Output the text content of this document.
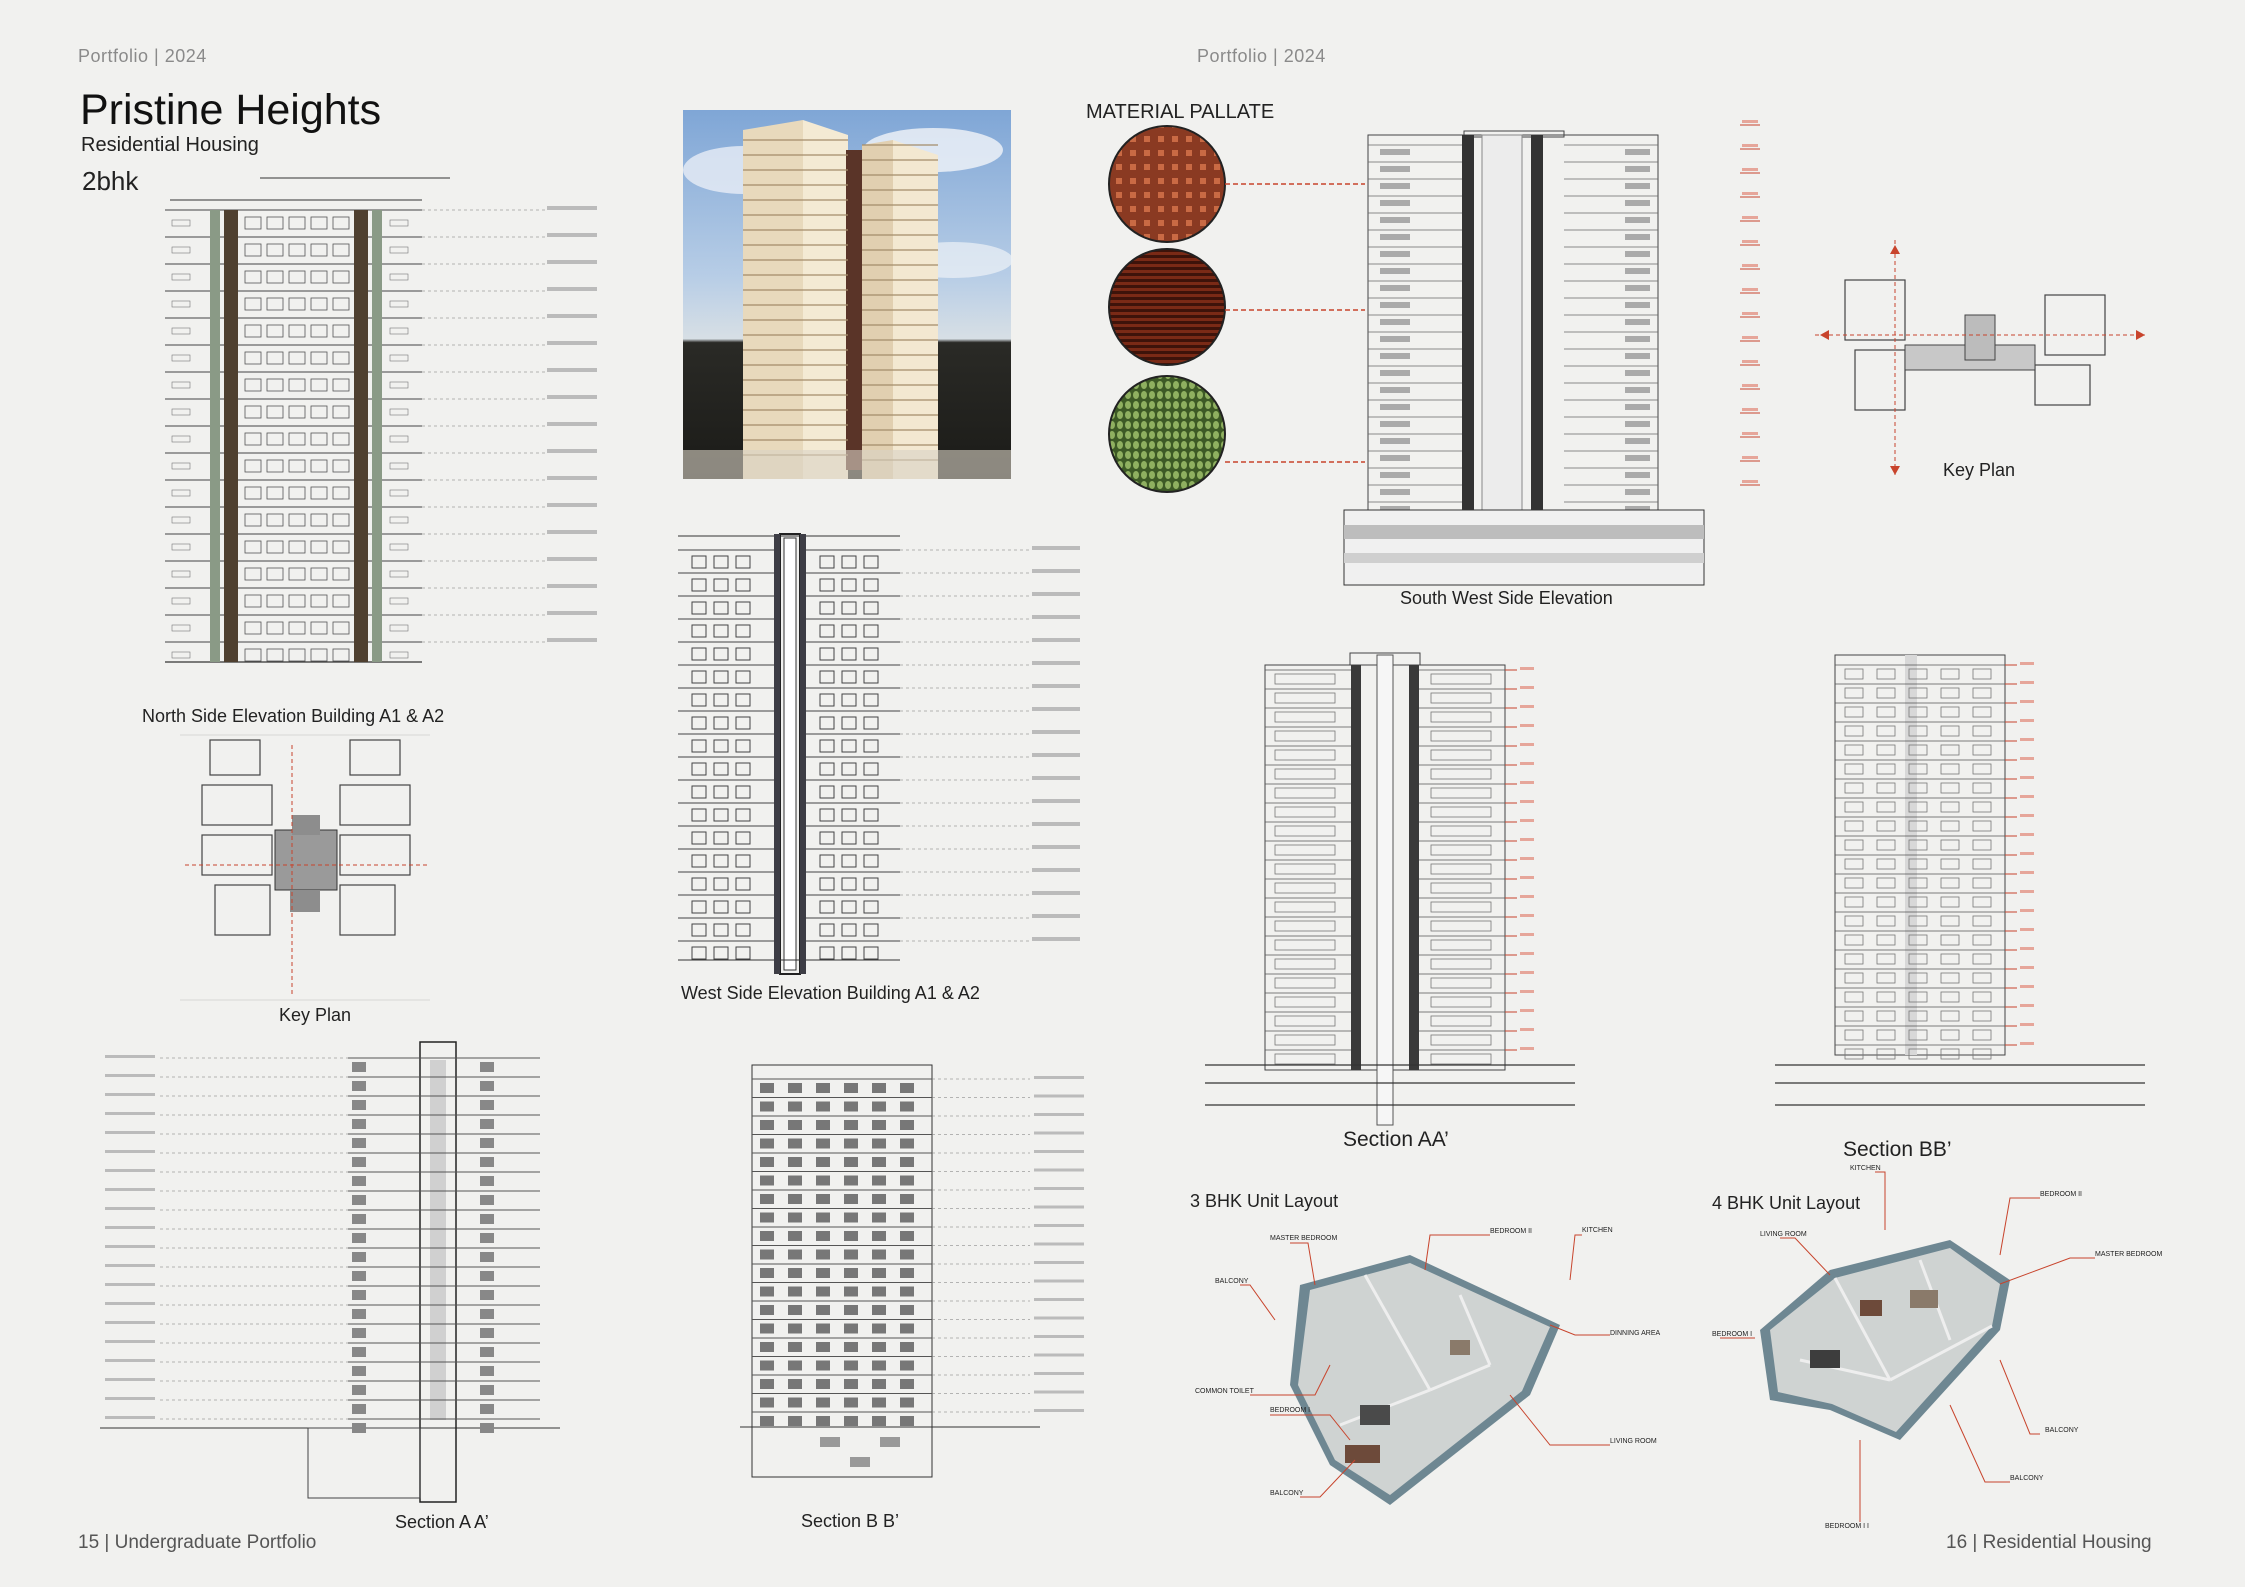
Portfolio | 2024	Portfolio | 2024
Pristine Heights
Residential Housing
2bhk
North Side Elevation Building A1 & A2
Key Plan
West Side Elevation Building A1 & A2
Section A A’	Section B B’
MATERIAL PALLATE
South West Side Elevation
Key Plan
Section AA’	Section BB’
3 BHK Unit Layout
MASTER BEDROOM
BEDROOM II	KITCHEN
BALCONY
DINNING AREA
COMMON TOILET
BEDROOM I
LIVING ROOM
BALCONY
4 BHK Unit Layout
KITCHEN
BEDROOM II
LIVING ROOM
MASTER BEDROOM
BEDROOM I
BALCONY
BALCONY
BEDROOM I I
15 | Undergraduate Portfolio	16 | Residential Housing
